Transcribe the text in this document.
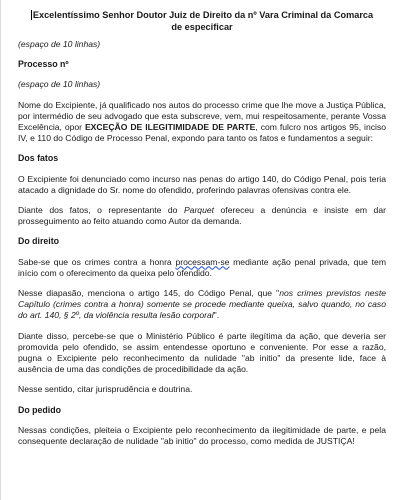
Excelentíssimo Senhor Doutor Juiz de Direito da nº Vara Criminal da Comarca
de especificar

(espaço de 10 linhas)

Processo nº

(espaço de 10 linhas)

Nome do Excipiente, já qualificado nos autos do processo crime que lhe move a Justiça Pública, por intermédio de seu advogado que esta subscreve, vem, mui respeitosamente, perante Vossa Excelência, opor EXCEÇÃO DE ILEGITIMIDADE DE PARTE, com fulcro nos artigos 95, inciso IV, e 110 do Código de Processo Penal, expondo para tanto os fatos e fundamentos a seguir:

Dos fatos

O Excipiente foi denunciado como incurso nas penas do artigo 140, do Código Penal, pois teria atacado a dignidade do Sr. nome do ofendido, proferindo palavras ofensivas contra ele.

Diante dos fatos, o representante do Parquet ofereceu a denúncia e insiste em dar prosseguimento ao feito atuando como Autor da demanda.

Do direito

Sabe-se que os crimes contra a honra processam-se mediante ação penal privada, que tem início com o oferecimento da queixa pelo ofendido.

Nesse diapasão, menciona o artigo 145, do Código Penal, que "nos crimes previstos neste Capítulo (crimes contra a honra) somente se procede mediante queixa, salvo quando, no caso do art. 140, § 2º, da violência resulta lesão corporal".

Diante disso, percebe-se que o Ministério Público é parte ilegítima da ação, que deveria ser promovida pelo ofendido, se assim entendesse oportuno e conveniente. Por esse a razão, pugna o Excipiente pelo reconhecimento da nulidade "ab initio" da presente lide, face à ausência de uma das condições de procedibilidade da ação.

Nesse sentido, citar jurisprudência e doutrina.

Do pedido

Nessas condições, pleiteia o Excipiente pelo reconhecimento da ilegitimidade de parte, e pela consequente declaração de nulidade "ab initio" do processo, como medida de JUSTIÇA!
